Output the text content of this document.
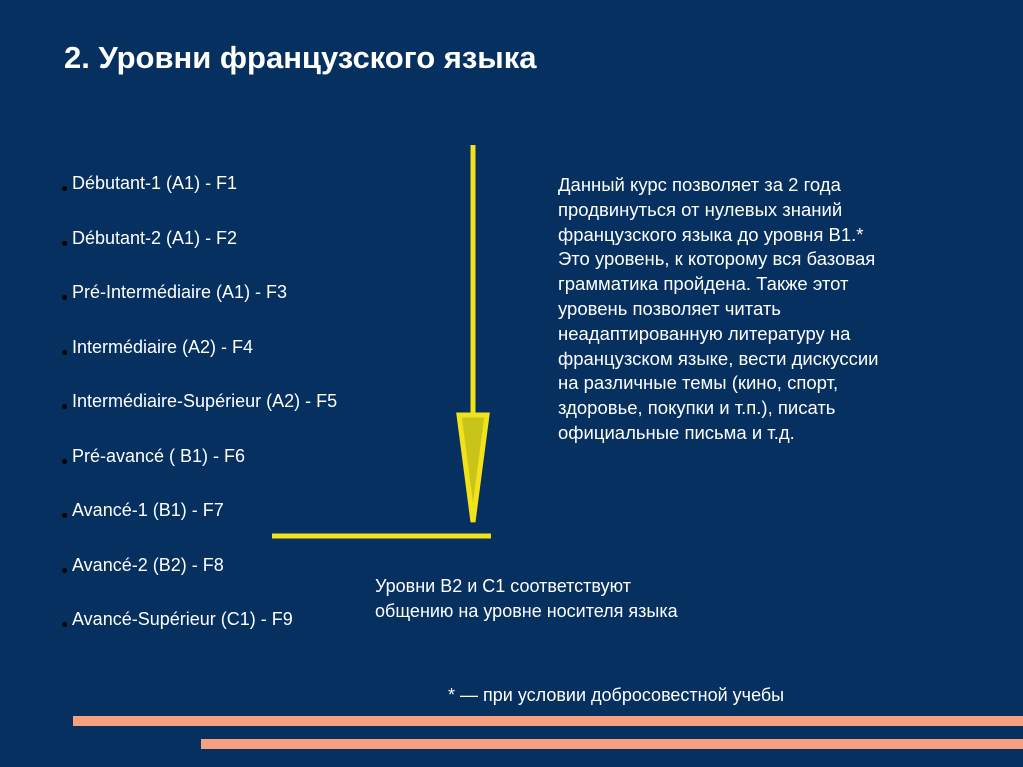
2. Уровни французского языка
Débutant-1 (A1) - F1
Débutant-2 (A1) - F2
Pré-Intermédiaire (A1) - F3
Intermédiaire (A2) - F4
Intermédiaire-Supérieur (A2) - F5
Pré-avancé ( B1) - F6
Avancé-1 (B1) - F7
Avancé-2 (B2) - F8
Avancé-Supérieur (C1) - F9
Данный курс позволяет за 2 года
продвинуться от нулевых знаний
французского языка до уровня В1.*
Это уровень, к которому вся базовая
грамматика пройдена. Также этот
уровень позволяет читать
неадаптированную литературу на
французском языке, вести дискуссии
на различные темы (кино, спорт,
здоровье, покупки и т.п.), писать
официальные письма и т.д.
Уровни B2 и С1 соответствуют
общению на уровне носителя языка
* — при условии добросовестной учебы
